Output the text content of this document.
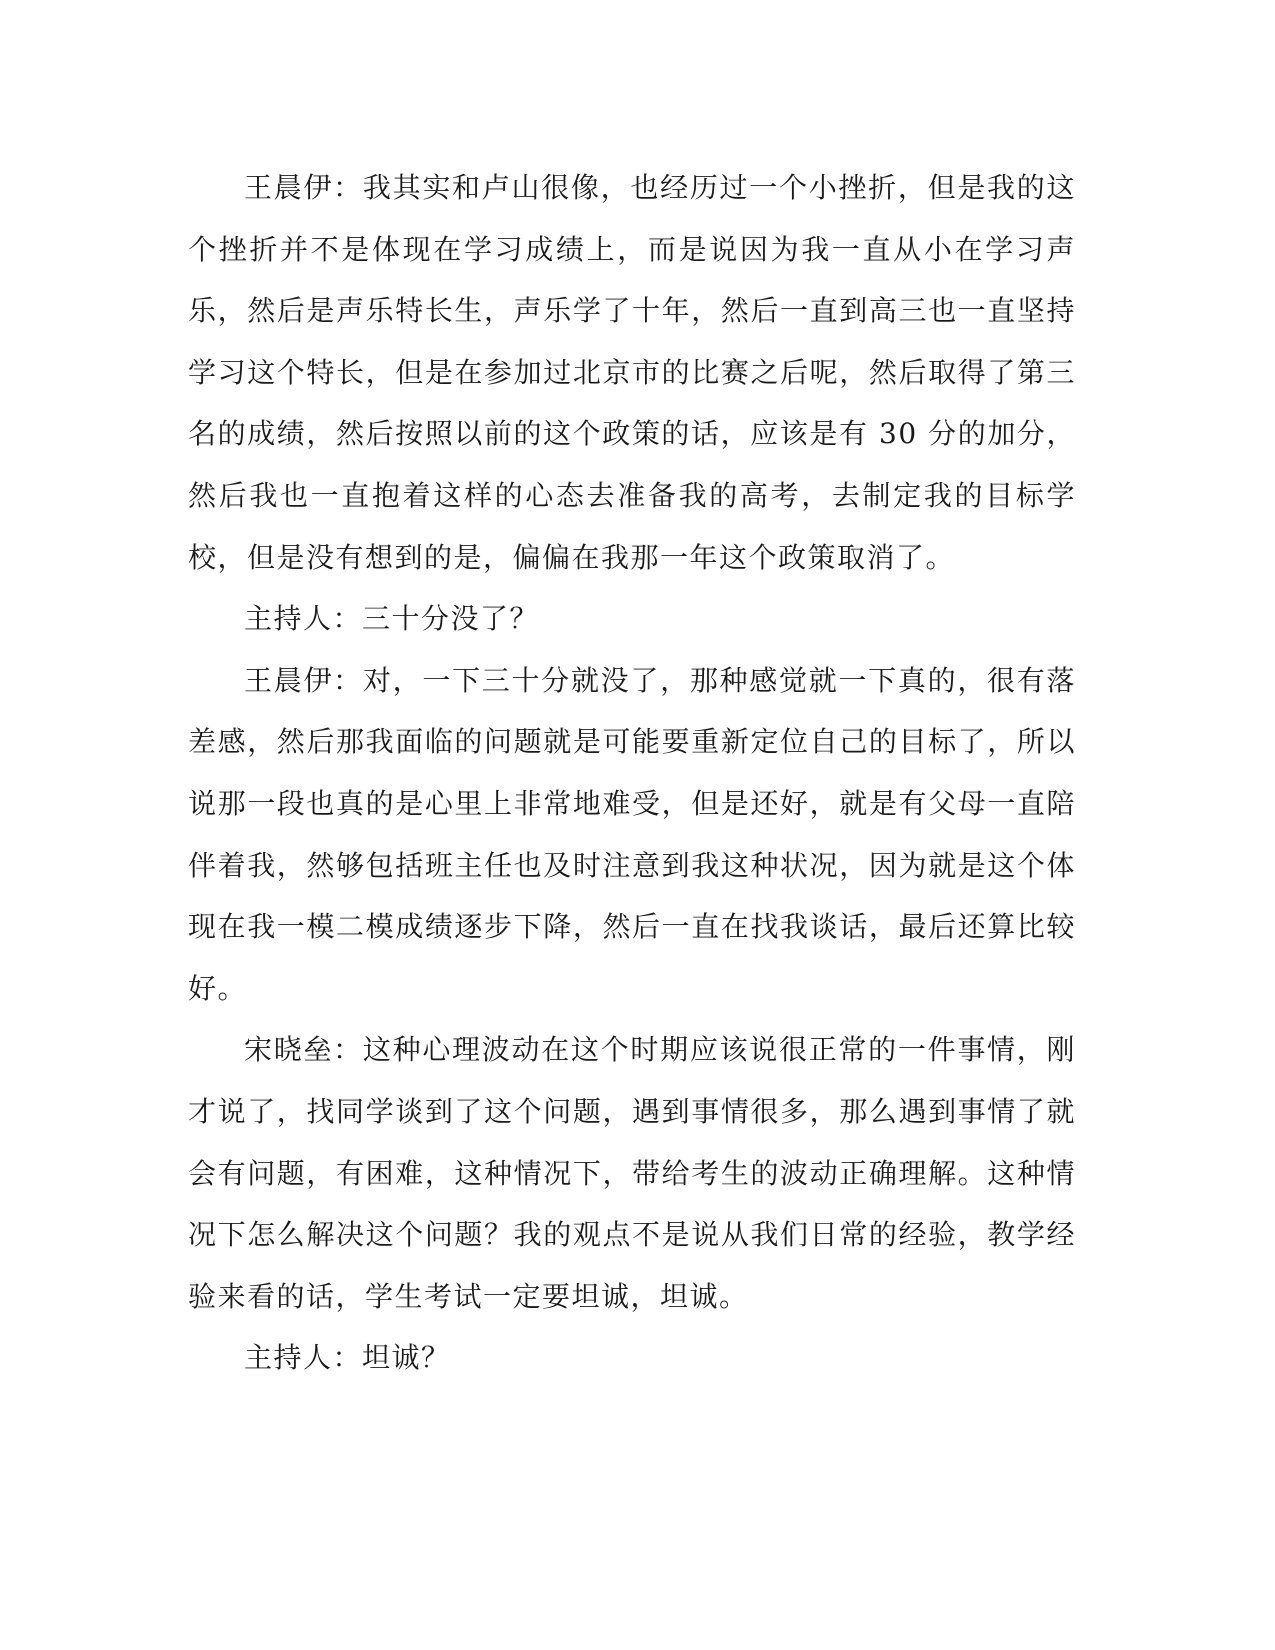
王晨伊：我其实和卢山很像，也经历过一个小挫折，但是我的这个挫折并不是体现在学习成绩上，而是说因为我一直从小在学习声乐，然后是声乐特长生，声乐学了十年，然后一直到高三也一直坚持学习这个特长，但是在参加过北京市的比赛之后呢，然后取得了第三名的成绩，然后按照以前的这个政策的话，应该是有 30 分的加分，然后我也一直抱着这样的心态去准备我的高考，去制定我的目标学校，但是没有想到的是，偏偏在我那一年这个政策取消了。

主持人：三十分没了？

王晨伊：对，一下三十分就没了，那种感觉就一下真的，很有落差感，然后那我面临的问题就是可能要重新定位自己的目标了，所以说那一段也真的是心里上非常地难受，但是还好，就是有父母一直陪伴着我，然够包括班主任也及时注意到我这种状况，因为就是这个体现在我一模二模成绩逐步下降，然后一直在找我谈话，最后还算比较好。

宋晓垒：这种心理波动在这个时期应该说很正常的一件事情，刚才说了，找同学谈到了这个问题，遇到事情很多，那么遇到事情了就会有问题，有困难，这种情况下，带给考生的波动正确理解。这种情况下怎么解决这个问题？我的观点不是说从我们日常的经验，教学经验来看的话，学生考试一定要坦诚，坦诚。

主持人：坦诚？
